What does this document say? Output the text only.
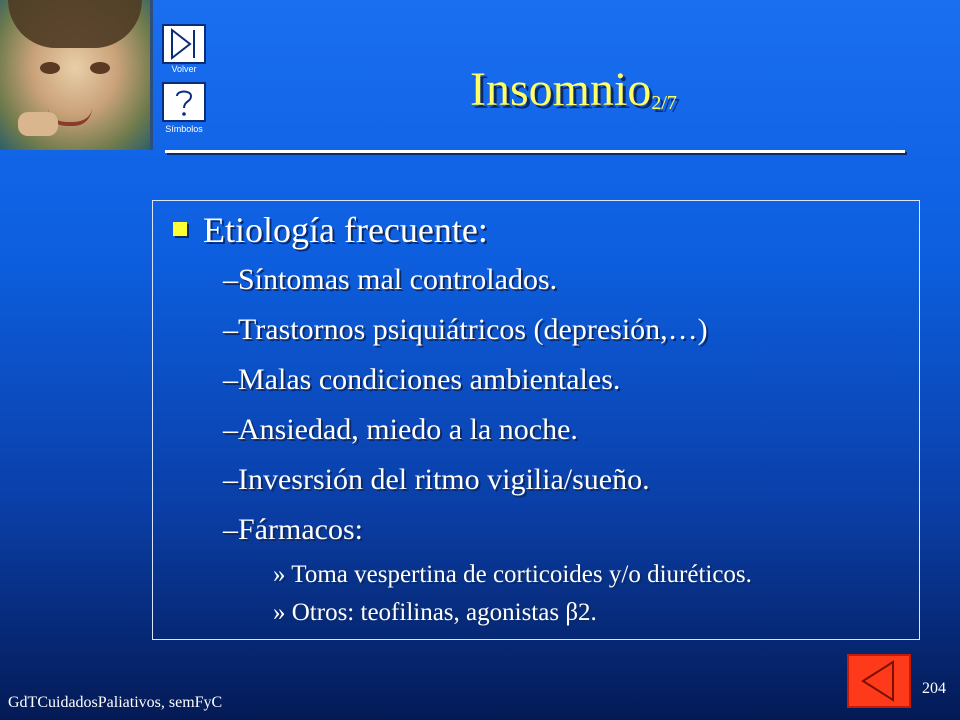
Volver
Símbolos
Insomnio$_{2/7}$
Etiología frecuente:
–Síntomas mal controlados.
–Trastornos psiquiátricos (depresión,…)
–Malas condiciones ambientales.
–Ansiedad, miedo a la noche.
–Invesrsión del ritmo vigilia/sueño.
–Fármacos:
» Toma vespertina de corticoides y/o diuréticos.
» Otros: teofilinas, agonistas β2.
GdTCuidadosPaliativos, semFyC
204
